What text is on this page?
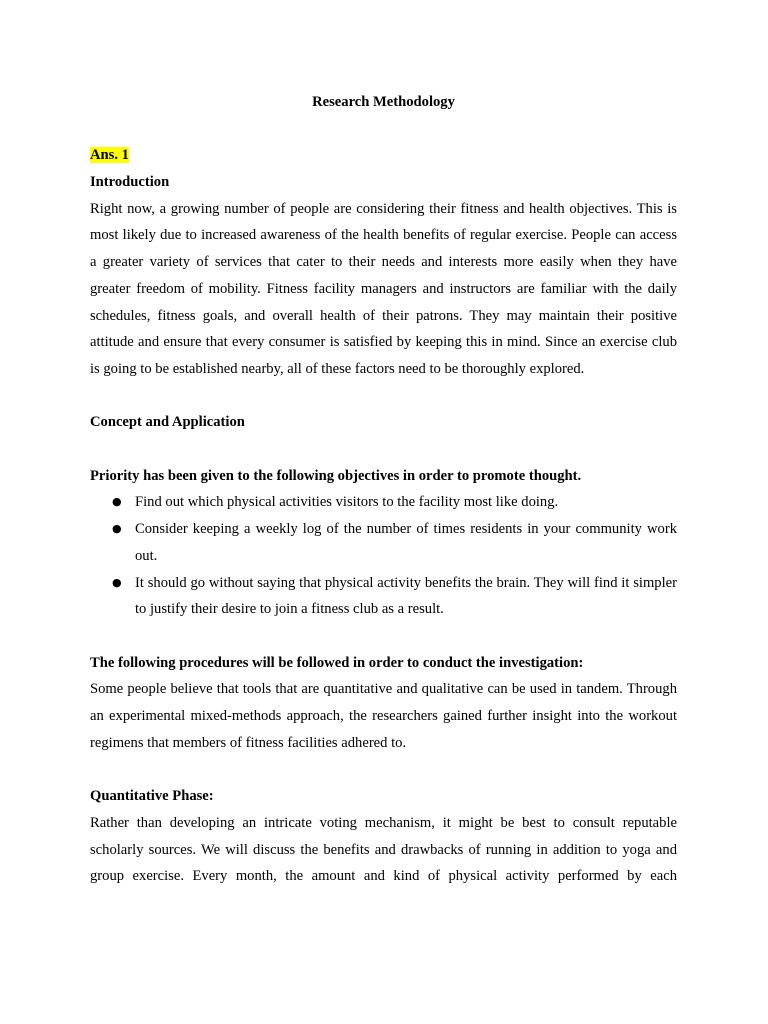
Research Methodology

Ans. 1

Introduction

Right now, a growing number of people are considering their fitness and health objectives. This is most likely due to increased awareness of the health benefits of regular exercise. People can access a greater variety of services that cater to their needs and interests more easily when they have greater freedom of mobility. Fitness facility managers and instructors are familiar with the daily schedules, fitness goals, and overall health of their patrons. They may maintain their positive attitude and ensure that every consumer is satisfied by keeping this in mind. Since an exercise club is going to be established nearby, all of these factors need to be thoroughly explored.

Concept and Application

Priority has been given to the following objectives in order to promote thought.

● Find out which physical activities visitors to the facility most like doing.
● Consider keeping a weekly log of the number of times residents in your community work out.
● It should go without saying that physical activity benefits the brain. They will find it simpler to justify their desire to join a fitness club as a result.

The following procedures will be followed in order to conduct the investigation:

Some people believe that tools that are quantitative and qualitative can be used in tandem. Through an experimental mixed-methods approach, the researchers gained further insight into the workout regimens that members of fitness facilities adhered to.

Quantitative Phase:

Rather than developing an intricate voting mechanism, it might be best to consult reputable scholarly sources. We will discuss the benefits and drawbacks of running in addition to yoga and group exercise. Every month, the amount and kind of physical activity performed by each
